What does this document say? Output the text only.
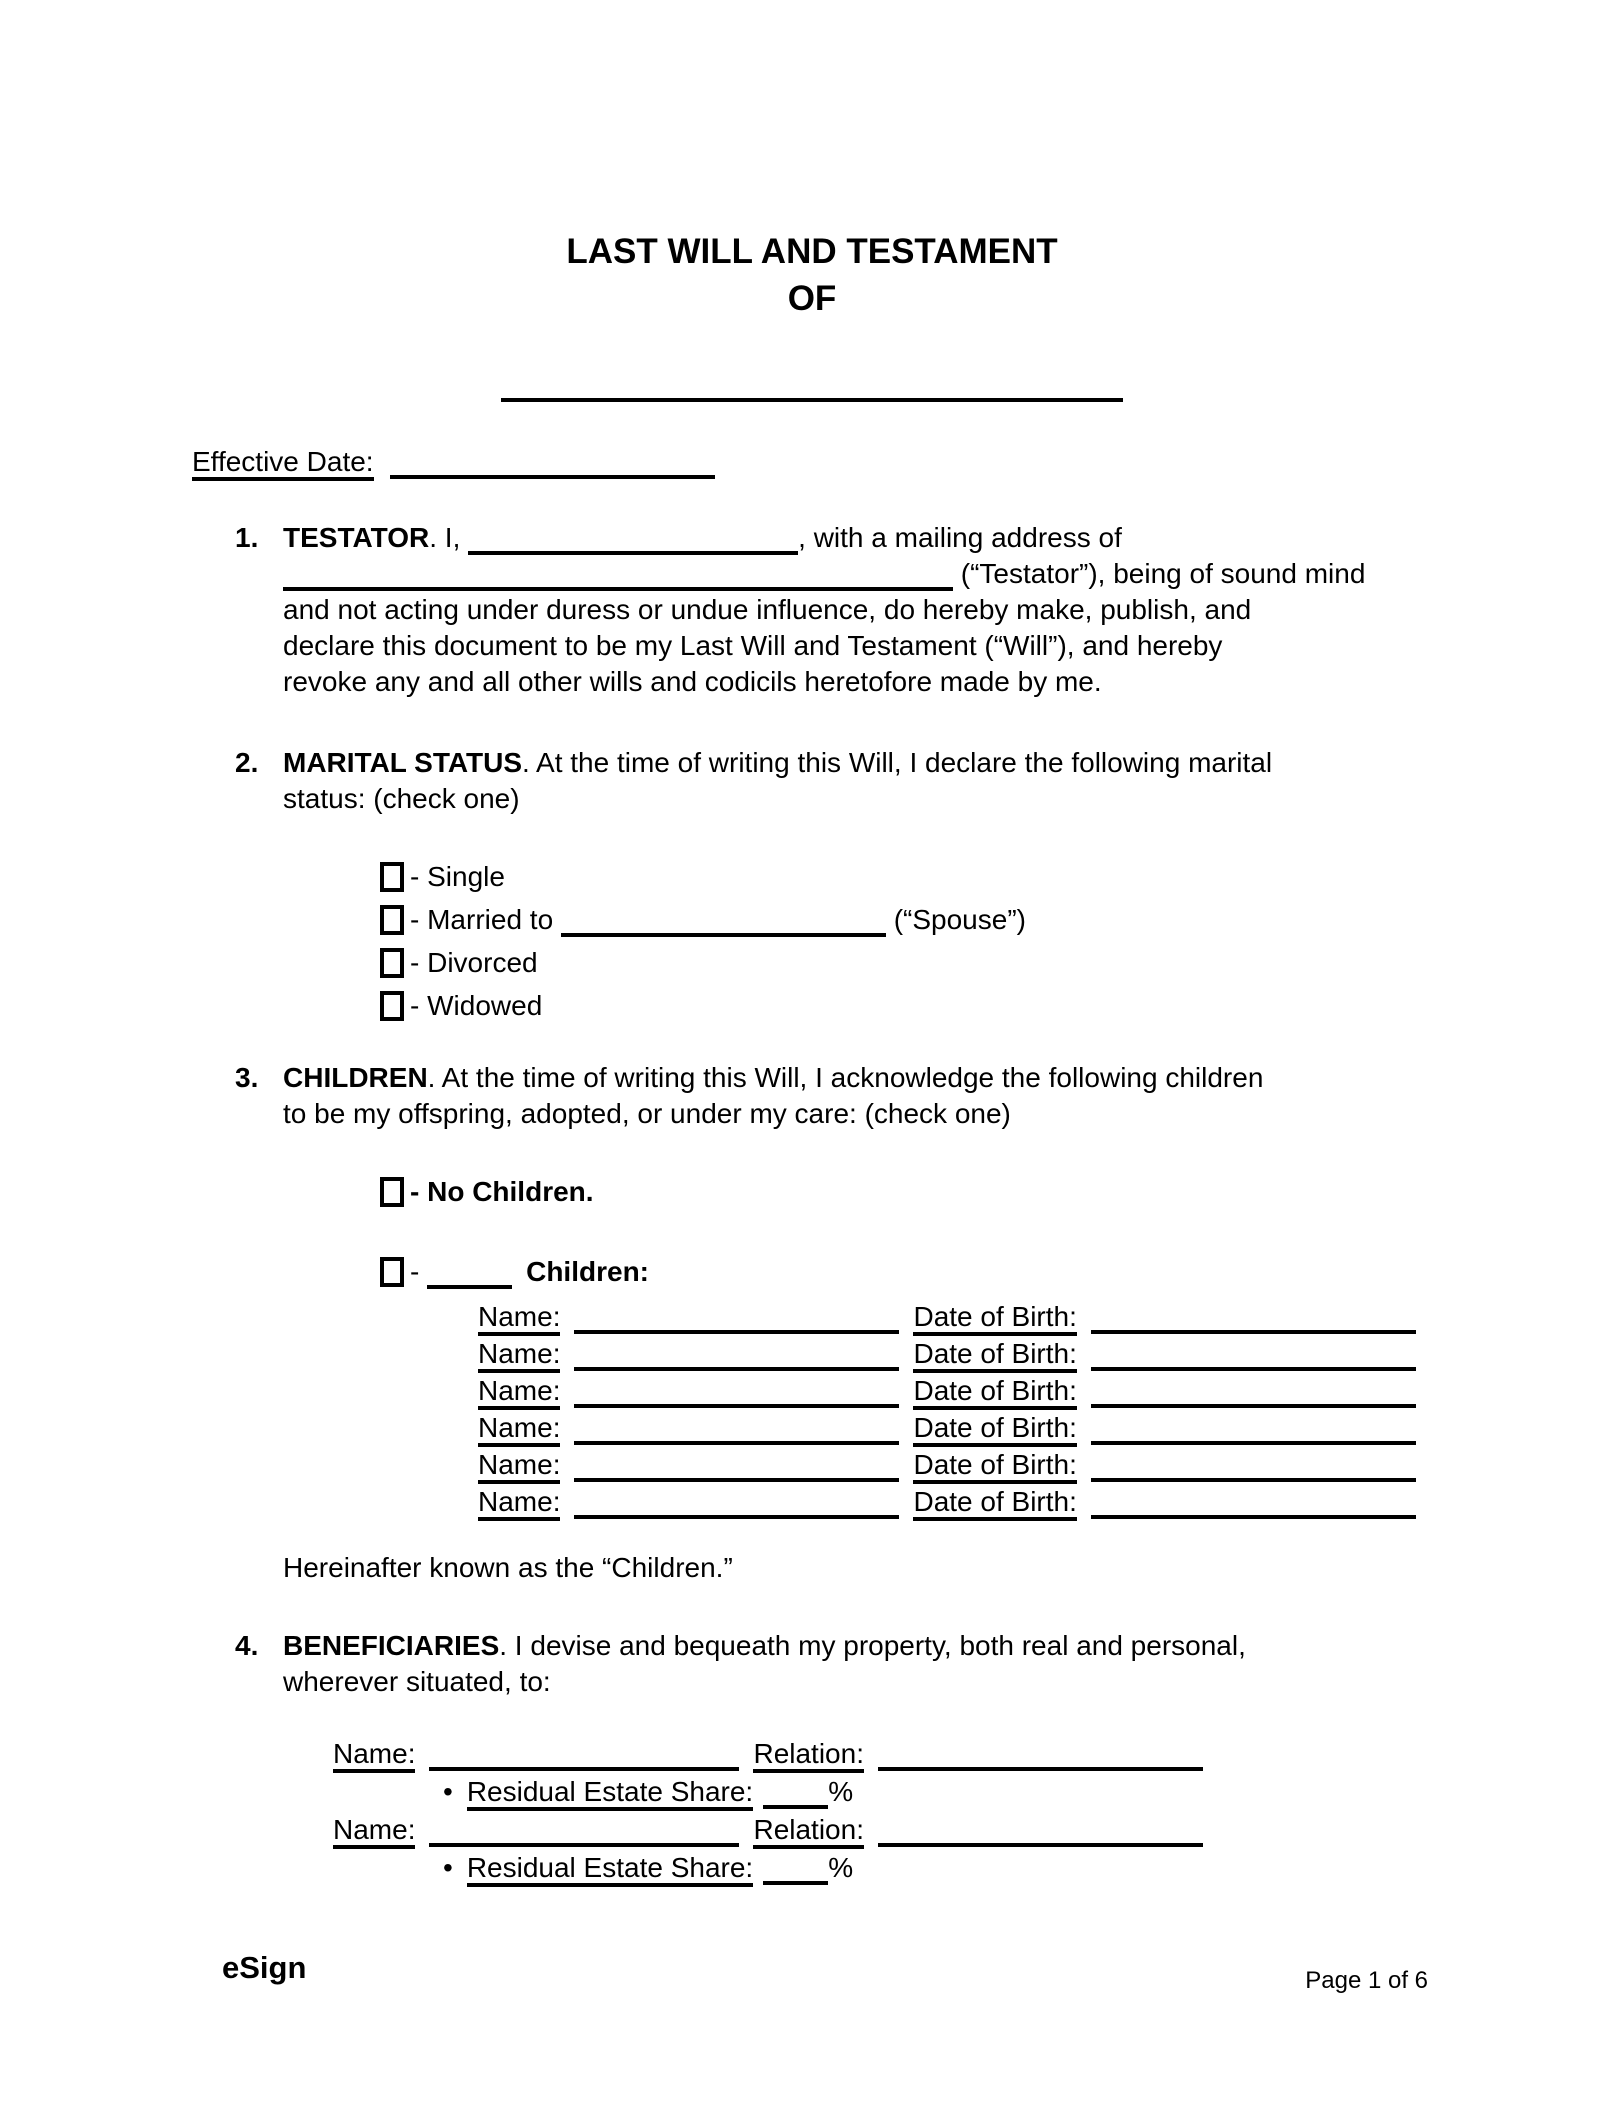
LAST WILL AND TESTAMENT
OF
Effective Date:
1. TESTATOR. I,	, with a mailing address of
(“Testator”), being of sound mind
and not acting under duress or undue influence, do hereby make, publish, and
declare this document to be my Last Will and Testament (“Will”), and hereby
revoke any and all other wills and codicils heretofore made by me.
2. MARITAL STATUS. At the time of writing this Will, I declare the following marital
status: (check one)
- Single
- Married to	(“Spouse”)
- Divorced
- Widowed
3. CHILDREN. At the time of writing this Will, I acknowledge the following children
to be my offspring, adopted, or under my care: (check one)
- No Children.
-	Children:
Name:	Date of Birth:
Name:	Date of Birth:
Name:	Date of Birth:
Name:	Date of Birth:
Name:	Date of Birth:
Name:	Date of Birth:
Hereinafter known as the “Children.”
4. BENEFICIARIES. I devise and bequeath my property, both real and personal,
wherever situated, to:
Name:	Relation:
• Residual Estate Share:	%
Name:	Relation:
• Residual Estate Share:	%
eSign	Page 1 of 6
